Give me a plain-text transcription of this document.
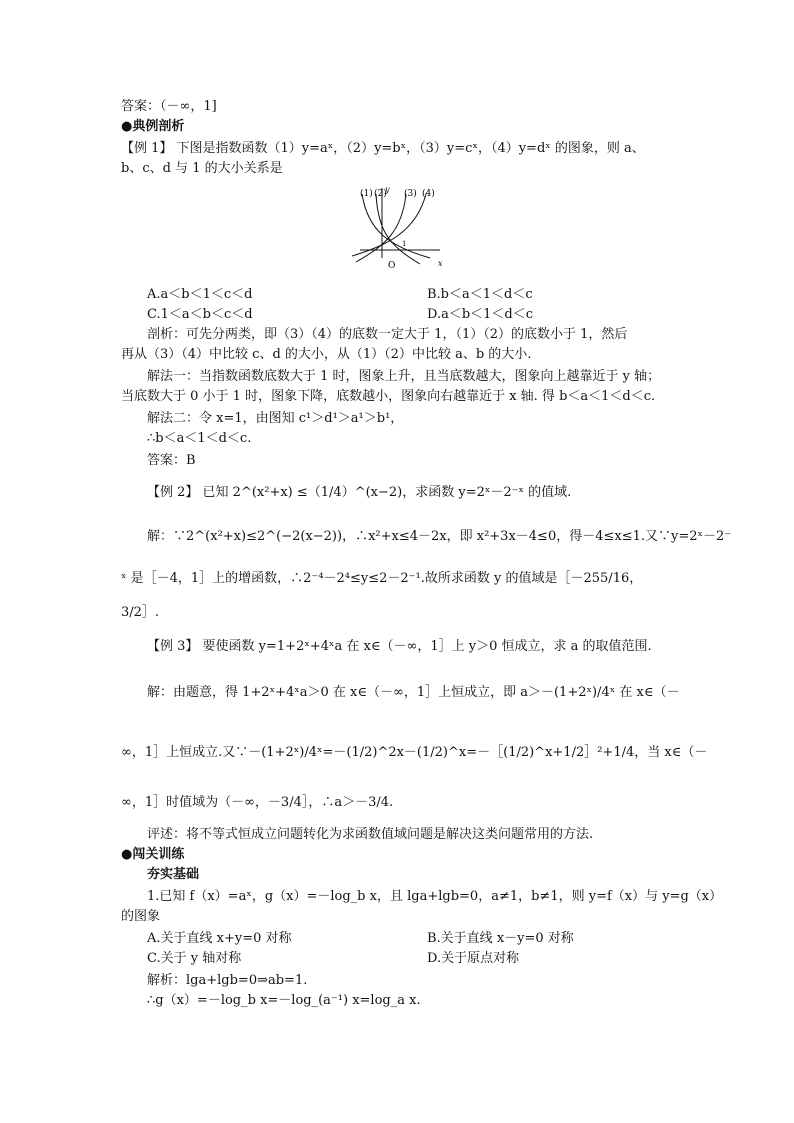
答案：（－∞，1]
●典例剖析
【例 1】 下图是指数函数（1）y=aˣ，（2）y=bˣ，（3）y=cˣ，（4）y=dˣ 的图象，则 a、
b、c、d 与 1 的大小关系是
(1) (2) (3) (4)
y
x
O
1
A.a＜b＜1＜c＜d	B.b＜a＜1＜d＜c
C.1＜a＜b＜c＜d	D.a＜b＜1＜d＜c
剖析：可先分两类，即（3）（4）的底数一定大于 1，（1）（2）的底数小于 1，然后
再从（3）（4）中比较 c、d 的大小，从（1）（2）中比较 a、b 的大小.
解法一：当指数函数底数大于 1 时，图象上升，且当底数越大，图象向上越靠近于 y 轴；
当底数大于 0 小于 1 时，图象下降，底数越小，图象向右越靠近于 x 轴. 得 b＜a＜1＜d＜c.
解法二：令 x=1，由图知 c¹＞d¹＞a¹＞b¹，
∴b＜a＜1＜d＜c.
答案：B
【例 2】 已知 2^(x²+x) ≤（1/4）^(x−2)，求函数 y=2ˣ－2⁻ˣ 的值域.
解：∵2^(x²+x)≤2^(−2(x−2))，∴x²+x≤4－2x，即 x²+3x－4≤0，得－4≤x≤1.又∵y=2ˣ－2⁻
ˣ 是［－4，1］上的增函数，∴2⁻⁴－2⁴≤y≤2－2⁻¹.故所求函数 y 的值域是［－255/16，
3/2］.
【例 3】 要使函数 y=1+2ˣ+4ˣa 在 x∈（－∞，1］上 y＞0 恒成立，求 a 的取值范围.
解：由题意，得 1+2ˣ+4ˣa＞0 在 x∈（－∞，1］上恒成立，即 a＞－(1+2ˣ)/4ˣ 在 x∈（－
∞，1］上恒成立.又∵－(1+2ˣ)/4ˣ=－(1/2)^2x－(1/2)^x=－［(1/2)^x+1/2］²+1/4，当 x∈（－
∞，1］时值域为（－∞，－3/4］，∴a＞－3/4.
评述：将不等式恒成立问题转化为求函数值域问题是解决这类问题常用的方法.
●闯关训练
夯实基础
1.已知 f（x）=aˣ，g（x）=－log_b x，且 lga+lgb=0，a≠1，b≠1，则 y=f（x）与 y=g（x）
的图象
A.关于直线 x+y=0 对称	B.关于直线 x－y=0 对称
C.关于 y 轴对称	D.关于原点对称
解析：lga+lgb=0⇒ab=1.
∴g（x）=－log_b x=－log_(a⁻¹) x=log_a x.
